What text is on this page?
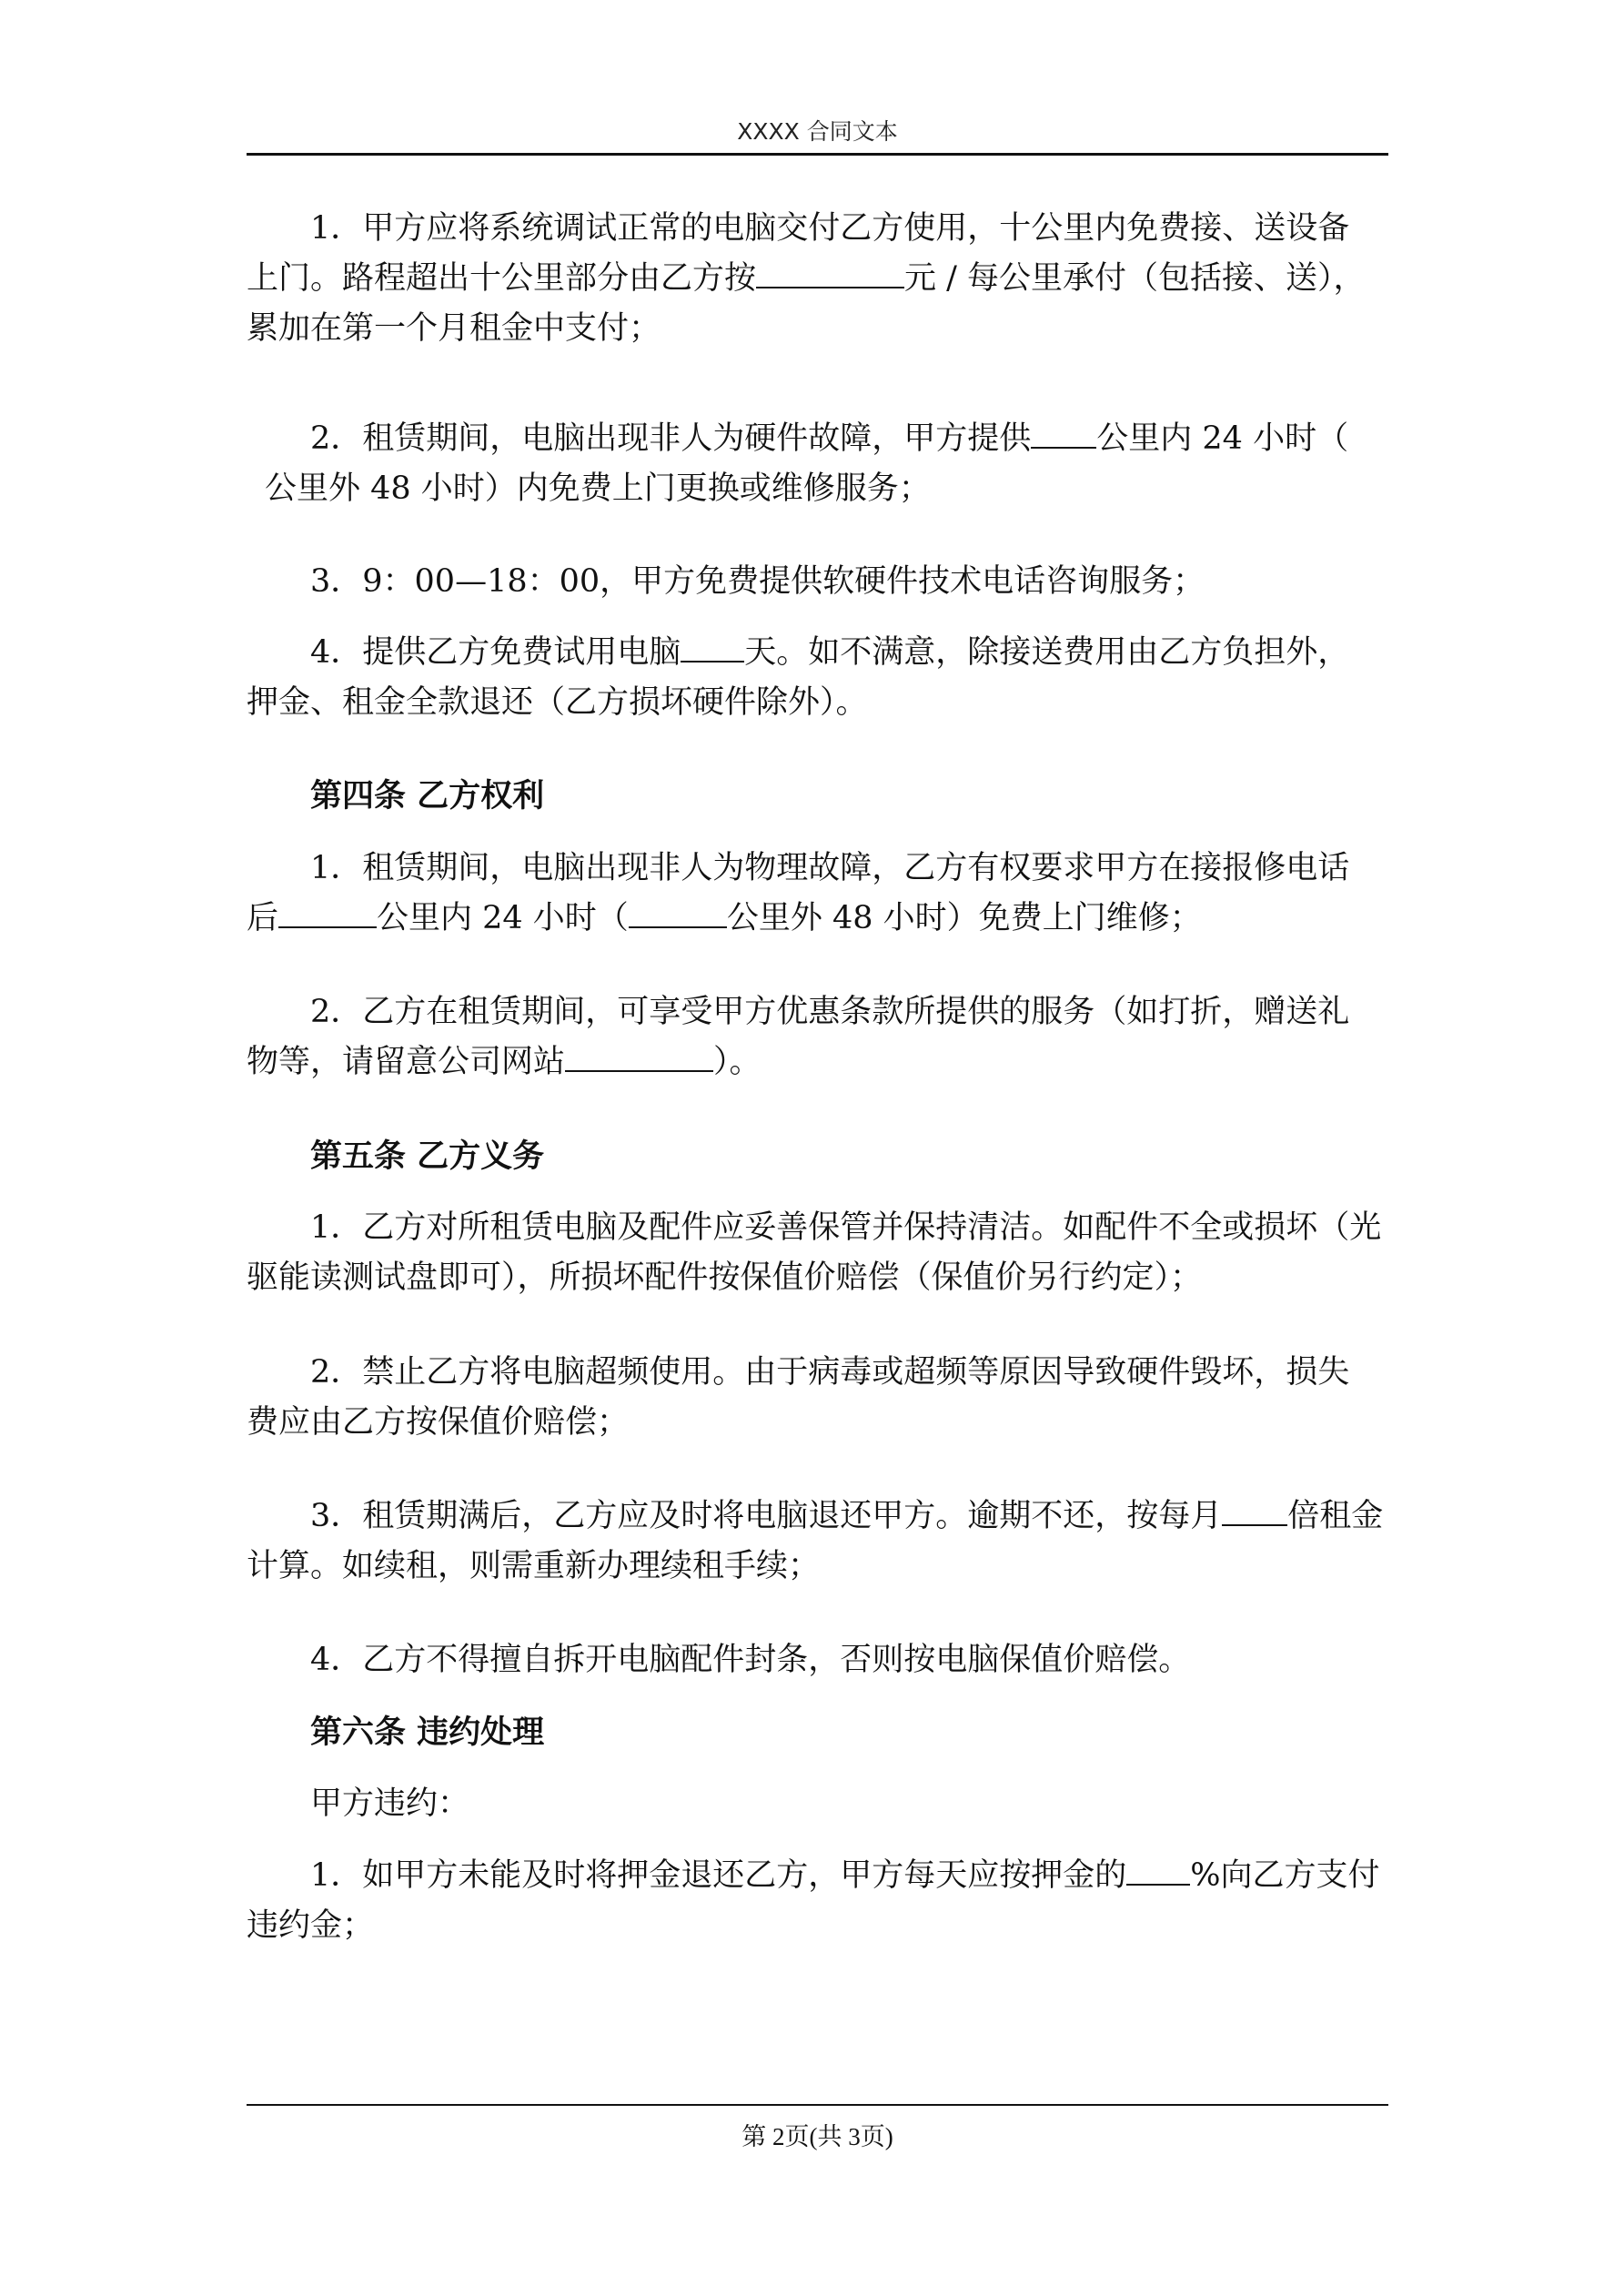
XXXX 合同文本
1．甲方应将系统调试正常的电脑交付乙方使用，十公里内免费接、送设备
上门。路程超出十公里部分由乙方按	元 / 每公里承付（包括接、送），
累加在第一个月租金中支付；
2．租赁期间，电脑出现非人为硬件故障，甲方提供 公里内 24 小时（
公里外 48 小时）内免费上门更换或维修服务；
3．9：00—18：00，甲方免费提供软硬件技术电话咨询服务；
4．提供乙方免费试用电脑 天。如不满意，除接送费用由乙方负担外，
押金、租金全款退还（乙方损坏硬件除外）。
第四条 乙方权利
1．租赁期间，电脑出现非人为物理故障，乙方有权要求甲方在接报修电话
后	公里内 24 小时（	公里外 48 小时）免费上门维修；
2．乙方在租赁期间，可享受甲方优惠条款所提供的服务（如打折，赠送礼
物等，请留意公司网站	）。
第五条 乙方义务
1．乙方对所租赁电脑及配件应妥善保管并保持清洁。如配件不全或损坏（光
驱能读测试盘即可），所损坏配件按保值价赔偿（保值价另行约定）；
2．禁止乙方将电脑超频使用。由于病毒或超频等原因导致硬件毁坏，损失
费应由乙方按保值价赔偿；
3．租赁期满后，乙方应及时将电脑退还甲方。逾期不还，按每月 倍租金
计算。如续租，则需重新办理续租手续；
4．乙方不得擅自拆开电脑配件封条，否则按电脑保值价赔偿。
第六条 违约处理
甲方违约：
1．如甲方未能及时将押金退还乙方，甲方每天应按押金的 %向乙方支付
违约金；
第 2页(共 3页)
